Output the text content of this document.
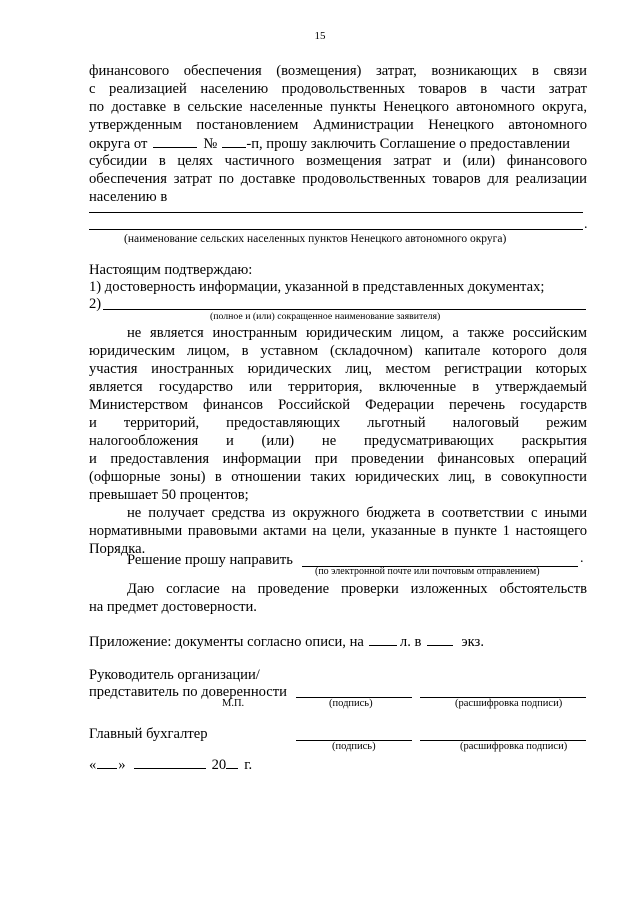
15
финансового обеспечения (возмещения) затрат, возникающих в связи
с реализацией населению продовольственных товаров в части затрат
по доставке в сельские населенные пункты Ненецкого автономного округа,
утвержденным постановлением Администрации Ненецкого автономного
округа от	№ -п, прошу заключить Соглашение о предоставлении
субсидии в целях частичного возмещения затрат и (или) финансового
обеспечения затрат по доставке продовольственных товаров для реализации
населению в
.
(наименование сельских населенных пунктов Ненецкого автономного округа)
Настоящим подтверждаю:
1) достоверность информации, указанной в представленных документах;
2)
(полное и (или) сокращенное наименование заявителя)
не является иностранным юридическим лицом, а также российским
юридическим лицом, в уставном (складочном) капитале которого доля
участия иностранных юридических лиц, местом регистрации которых
является государство или территория, включенные в утверждаемый
Министерством финансов Российской Федерации перечень государств
и территорий, предоставляющих льготный налоговый режим
налогообложения и (или) не предусматривающих раскрытия
и предоставления информации при проведении финансовых операций
(офшорные зоны) в отношении таких юридических лиц, в совокупности
превышает 50 процентов;
не получает средства из окружного бюджета в соответствии с иными
нормативными правовыми актами на цели, указанные в пункте 1 настоящего
Порядка.
Решение прошу направить	.
(по электронной почте или почтовым отправлением)
Даю согласие на проведение проверки изложенных обстоятельств
на предмет достоверности.
Приложение: документы согласно описи, на л. в	экз.
Руководитель организации/
представитель по доверенности
М.П.	(подпись)	(расшифровка подписи)
Главный бухгалтер
(подпись)	(расшифровка подписи)
« »	20 г.
